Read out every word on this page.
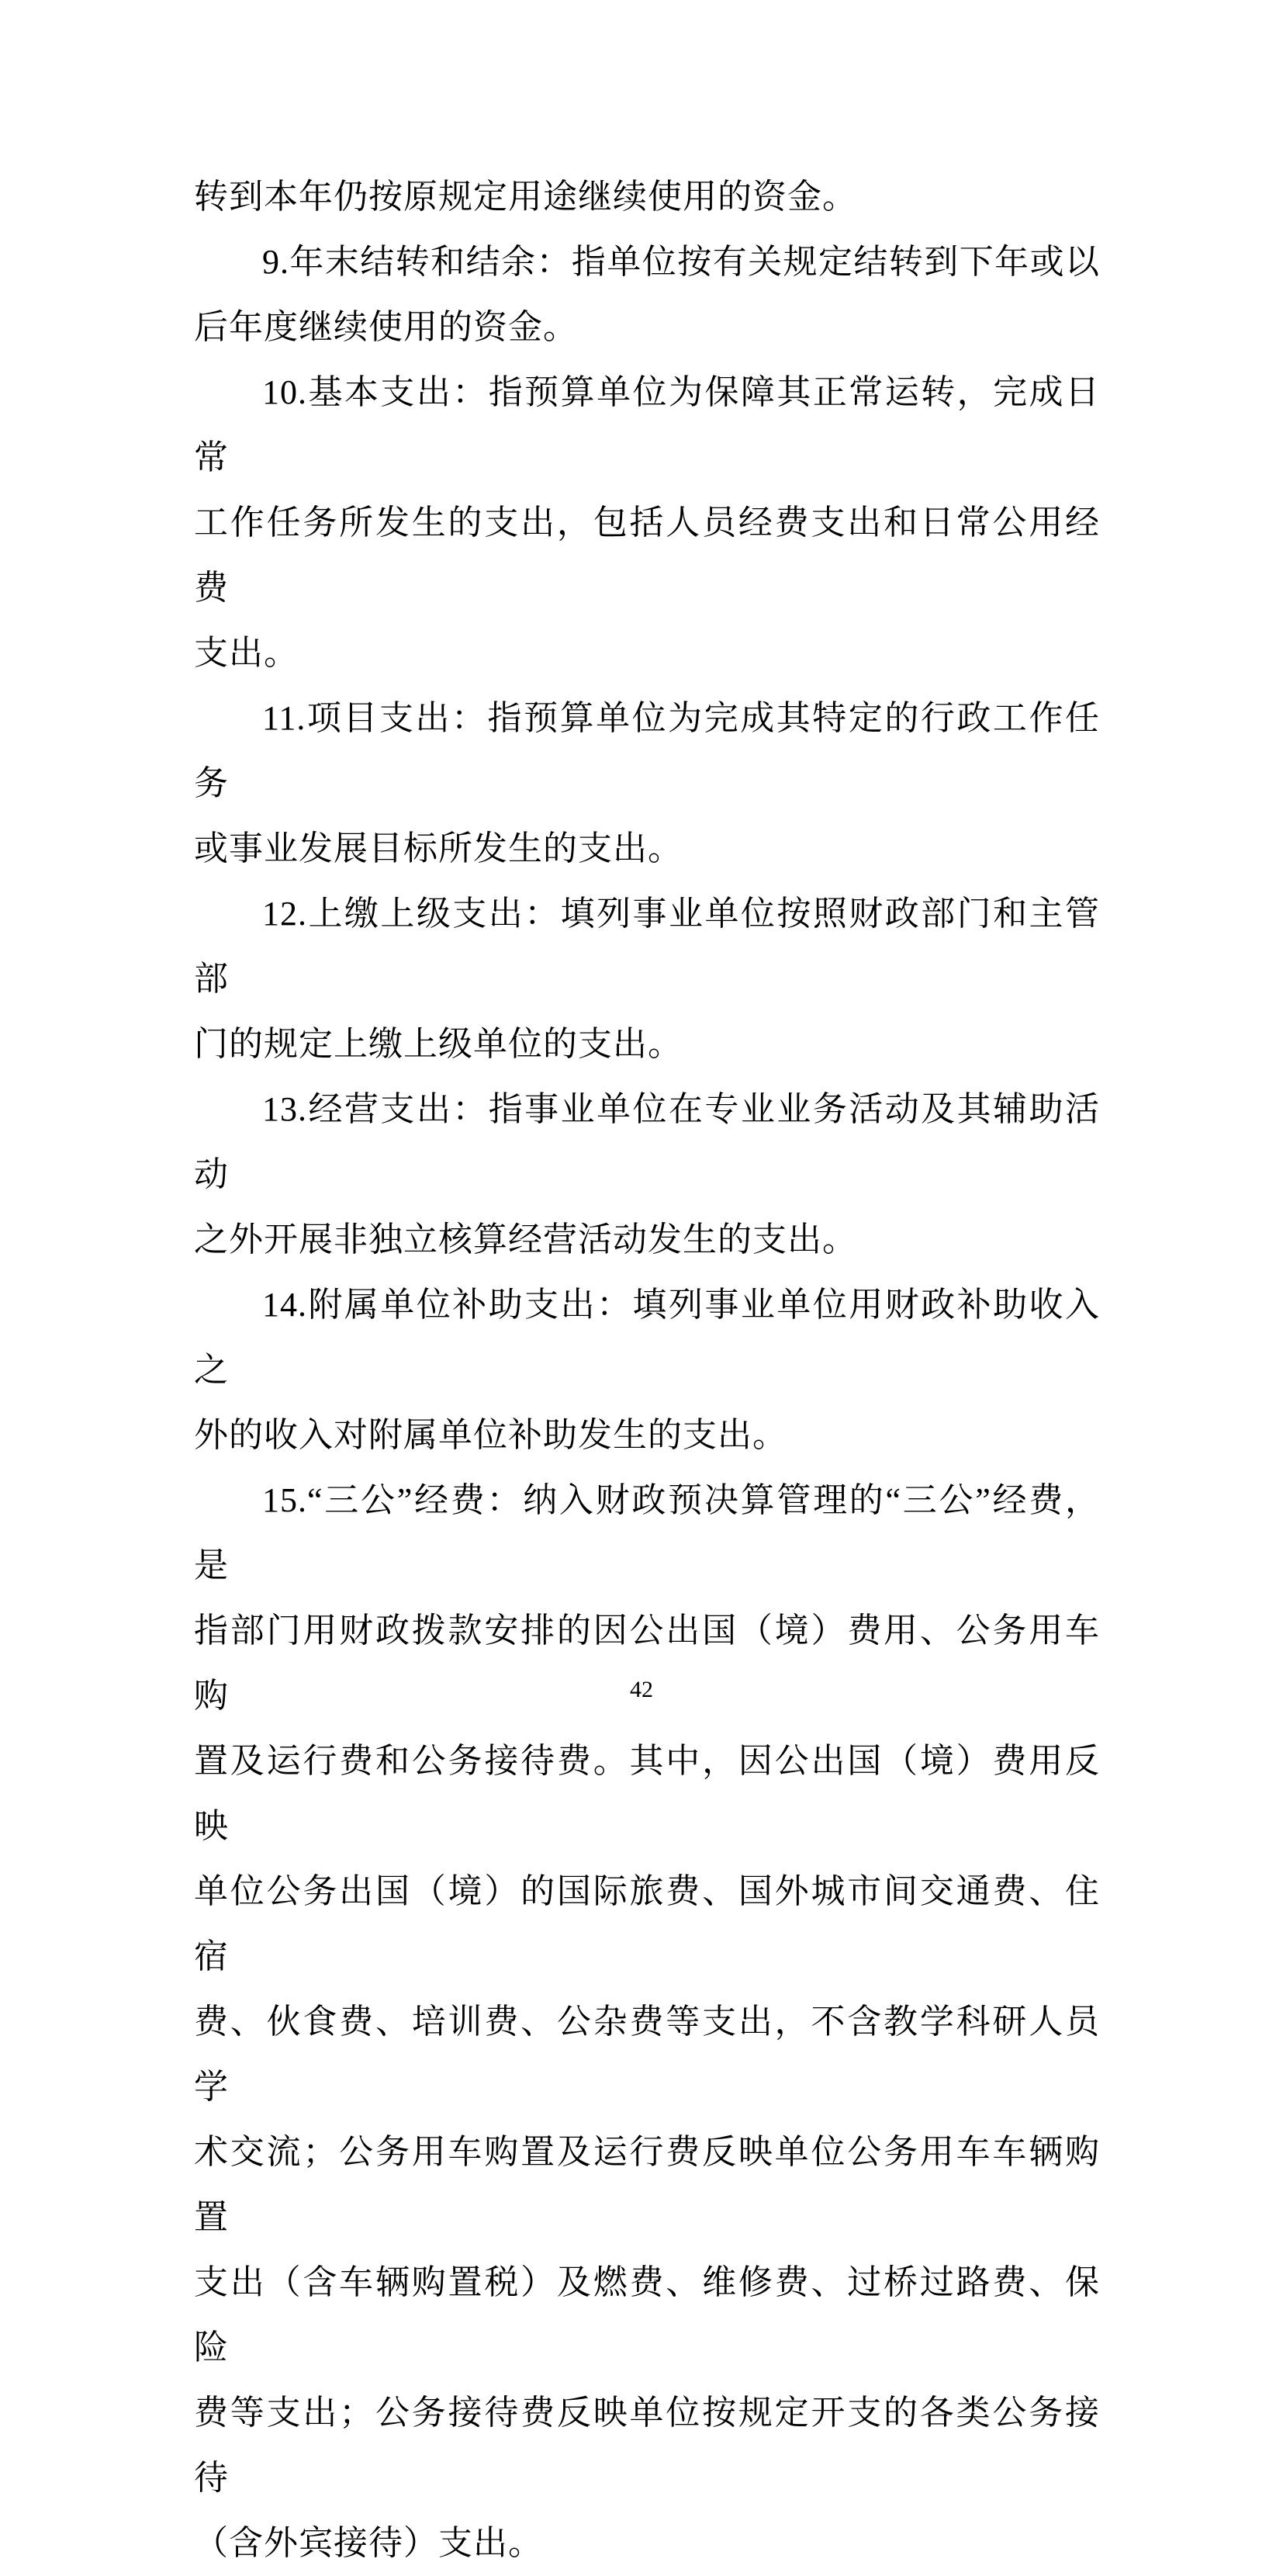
转到本年仍按原规定用途继续使用的资金。
9.年末结转和结余：指单位按有关规定结转到下年或以
后年度继续使用的资金。
10.基本支出：指预算单位为保障其正常运转，完成日常
工作任务所发生的支出，包括人员经费支出和日常公用经费
支出。
11.项目支出：指预算单位为完成其特定的行政工作任务
或事业发展目标所发生的支出。
12.上缴上级支出：填列事业单位按照财政部门和主管部
门的规定上缴上级单位的支出。
13.经营支出：指事业单位在专业业务活动及其辅助活动
之外开展非独立核算经营活动发生的支出。
14.附属单位补助支出：填列事业单位用财政补助收入之
外的收入对附属单位补助发生的支出。
15.“三公”经费：纳入财政预决算管理的“三公”经费，是
指部门用财政拨款安排的因公出国（境）费用、公务用车购
置及运行费和公务接待费。其中，因公出国（境）费用反映
单位公务出国（境）的国际旅费、国外城市间交通费、住宿
费、伙食费、培训费、公杂费等支出，不含教学科研人员学
术交流；公务用车购置及运行费反映单位公务用车车辆购置
支出（含车辆购置税）及燃费、维修费、过桥过路费、保险
费等支出；公务接待费反映单位按规定开支的各类公务接待
（含外宾接待）支出。
42
